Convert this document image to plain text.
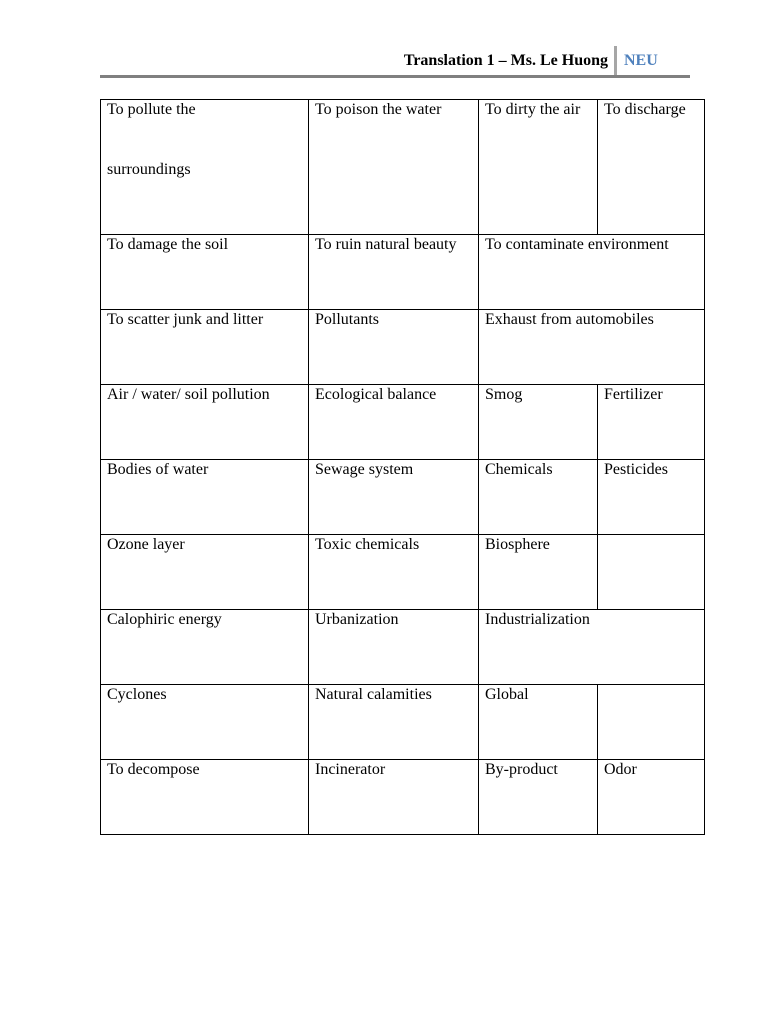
Translation 1 – Ms. Le Huong NEU
To pollute the
surroundings	To poison the water	To dirty the air	To discharge

To damage the soil	To ruin natural beauty	To contaminate environment	

To scatter junk and litter	Pollutants	Exhaust from automobiles	

Air / water/ soil pollution	Ecological balance	Smog	Fertilizer

Bodies of water	Sewage system	Chemicals	Pesticides

Ozone layer	Toxic chemicals	Biosphere	

Calophiric energy	Urbanization	Industrialization	

Cyclones	Natural calamities	Global	

To decompose	Incinerator	By-product	Odor
